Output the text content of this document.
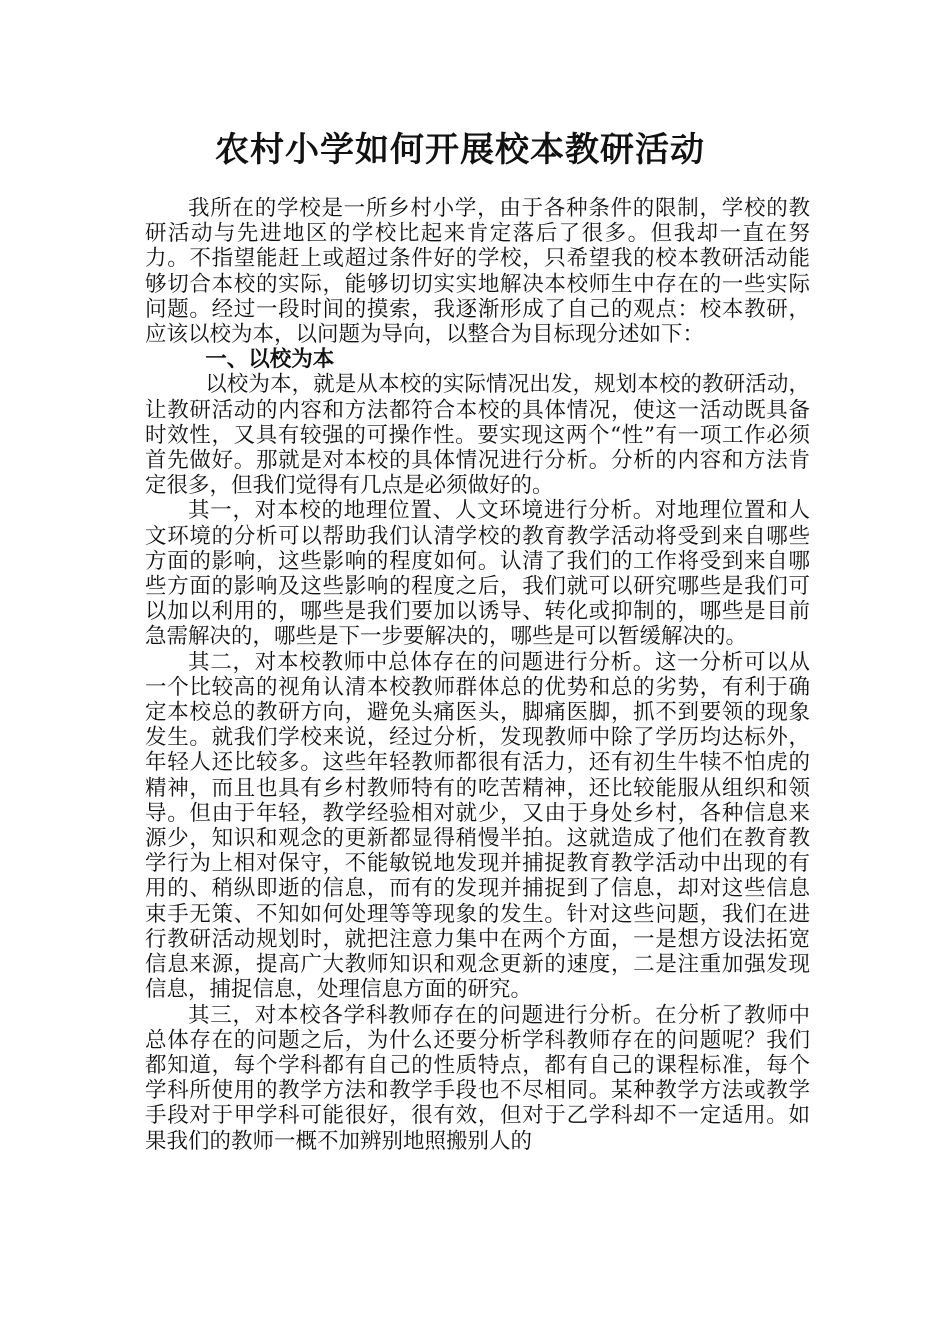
农村小学如何开展校本教研活动

我所在的学校是一所乡村小学，由于各种条件的限制，学校的教研活动与先进地区的学校比起来肯定落后了很多。但我却一直在努力。不指望能赶上或超过条件好的学校，只希望我的校本教研活动能够切合本校的实际，能够切切实实地解决本校师生中存在的一些实际问题。经过一段时间的摸索，我逐渐形成了自己的观点：校本教研，应该以校为本，以问题为导向，以整合为目标现分述如下：

一、以校为本

以校为本，就是从本校的实际情况出发，规划本校的教研活动，让教研活动的内容和方法都符合本校的具体情况，使这一活动既具备时效性，又具有较强的可操作性。要实现这两个“性”有一项工作必须首先做好。那就是对本校的具体情况进行分析。分析的内容和方法肯定很多，但我们觉得有几点是必须做好的。

其一，对本校的地理位置、人文环境进行分析。对地理位置和人文环境的分析可以帮助我们认清学校的教育教学活动将受到来自哪些方面的影响，这些影响的程度如何。认清了我们的工作将受到来自哪些方面的影响及这些影响的程度之后，我们就可以研究哪些是我们可以加以利用的，哪些是我们要加以诱导、转化或抑制的，哪些是目前急需解决的，哪些是下一步要解决的，哪些是可以暂缓解决的。

其二，对本校教师中总体存在的问题进行分析。这一分析可以从一个比较高的视角认清本校教师群体总的优势和总的劣势，有利于确定本校总的教研方向，避免头痛医头，脚痛医脚，抓不到要领的现象发生。就我们学校来说，经过分析，发现教师中除了学历均达标外，年轻人还比较多。这些年轻教师都很有活力，还有初生牛犊不怕虎的精神，而且也具有乡村教师特有的吃苦精神，还比较能服从组织和领导。但由于年轻，教学经验相对就少，又由于身处乡村，各种信息来源少，知识和观念的更新都显得稍慢半拍。这就造成了他们在教育教学行为上相对保守，不能敏锐地发现并捕捉教育教学活动中出现的有用的、稍纵即逝的信息，而有的发现并捕捉到了信息，却对这些信息束手无策、不知如何处理等等现象的发生。针对这些问题，我们在进行教研活动规划时，就把注意力集中在两个方面，一是想方设法拓宽信息来源，提高广大教师知识和观念更新的速度，二是注重加强发现信息，捕捉信息，处理信息方面的研究。

其三，对本校各学科教师存在的问题进行分析。在分析了教师中总体存在的问题之后，为什么还要分析学科教师存在的问题呢？我们都知道，每个学科都有自己的性质特点，都有自己的课程标准，每个学科所使用的教学方法和教学手段也不尽相同。某种教学方法或教学手段对于甲学科可能很好，很有效，但对于乙学科却不一定适用。如果我们的教师一概不加辨别地照搬别人的
